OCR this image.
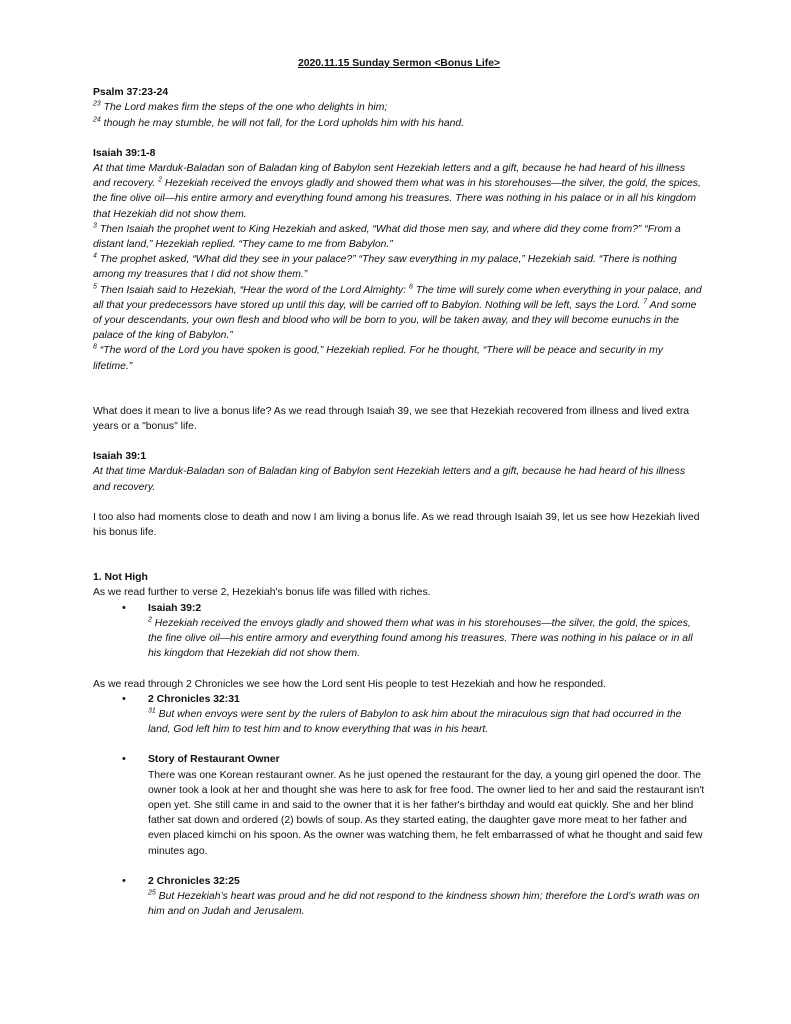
2020.11.15 Sunday Sermon <Bonus Life>

Psalm 37:23-24

$^{23}$ The Lord makes firm the steps of the one who delights in him;

$^{24}$ though he may stumble, he will not fall, for the Lord upholds him with his hand.

Isaiah 39:1-8

At that time Marduk-Baladan son of Baladan king of Babylon sent Hezekiah letters and a gift, because he had heard of his illness and recovery. $^2$ Hezekiah received the envoys gladly and showed them what was in his storehouses—the silver, the gold, the spices, the fine olive oil—his entire armory and everything found among his treasures. There was nothing in his palace or in all his kingdom that Hezekiah did not show them.

$^3$ Then Isaiah the prophet went to King Hezekiah and asked, “What did those men say, and where did they come from?” “From a distant land,” Hezekiah replied. “They came to me from Babylon.”

$^4$ The prophet asked, “What did they see in your palace?” “They saw everything in my palace,” Hezekiah said. “There is nothing among my treasures that I did not show them.”

$^5$ Then Isaiah said to Hezekiah, “Hear the word of the Lord Almighty: $^6$ The time will surely come when everything in your palace, and all that your predecessors have stored up until this day, will be carried off to Babylon. Nothing will be left, says the Lord. $^7$ And some of your descendants, your own flesh and blood who will be born to you, will be taken away, and they will become eunuchs in the palace of the king of Babylon.”

$^8$ “The word of the Lord you have spoken is good,” Hezekiah replied. For he thought, “There will be peace and security in my lifetime.”

What does it mean to live a bonus life? As we read through Isaiah 39, we see that Hezekiah recovered from illness and lived extra years or a "bonus" life.

Isaiah 39:1

At that time Marduk-Baladan son of Baladan king of Babylon sent Hezekiah letters and a gift, because he had heard of his illness and recovery.

I too also had moments close to death and now I am living a bonus life. As we read through Isaiah 39, let us see how Hezekiah lived his bonus life.

1. Not High

As we read further to verse 2, Hezekiah's bonus life was filled with riches.

• Isaiah 39:2

$^2$ Hezekiah received the envoys gladly and showed them what was in his storehouses—the silver, the gold, the spices, the fine olive oil—his entire armory and everything found among his treasures. There was nothing in his palace or in all his kingdom that Hezekiah did not show them.

As we read through 2 Chronicles we see how the Lord sent His people to test Hezekiah and how he responded.

• 2 Chronicles 32:31

$^{31}$ But when envoys were sent by the rulers of Babylon to ask him about the miraculous sign that had occurred in the land, God left him to test him and to know everything that was in his heart.

• Story of Restaurant Owner

There was one Korean restaurant owner. As he just opened the restaurant for the day, a young girl opened the door. The owner took a look at her and thought she was here to ask for free food. The owner lied to her and said the restaurant isn't open yet. She still came in and said to the owner that it is her father's birthday and would eat quickly. She and her blind father sat down and ordered (2) bowls of soup. As they started eating, the daughter gave more meat to her father and even placed kimchi on his spoon. As the owner was watching them, he felt embarrassed of what he thought and said few minutes ago.

• 2 Chronicles 32:25

$^{25}$ But Hezekiah’s heart was proud and he did not respond to the kindness shown him; therefore the Lord’s wrath was on him and on Judah and Jerusalem.
